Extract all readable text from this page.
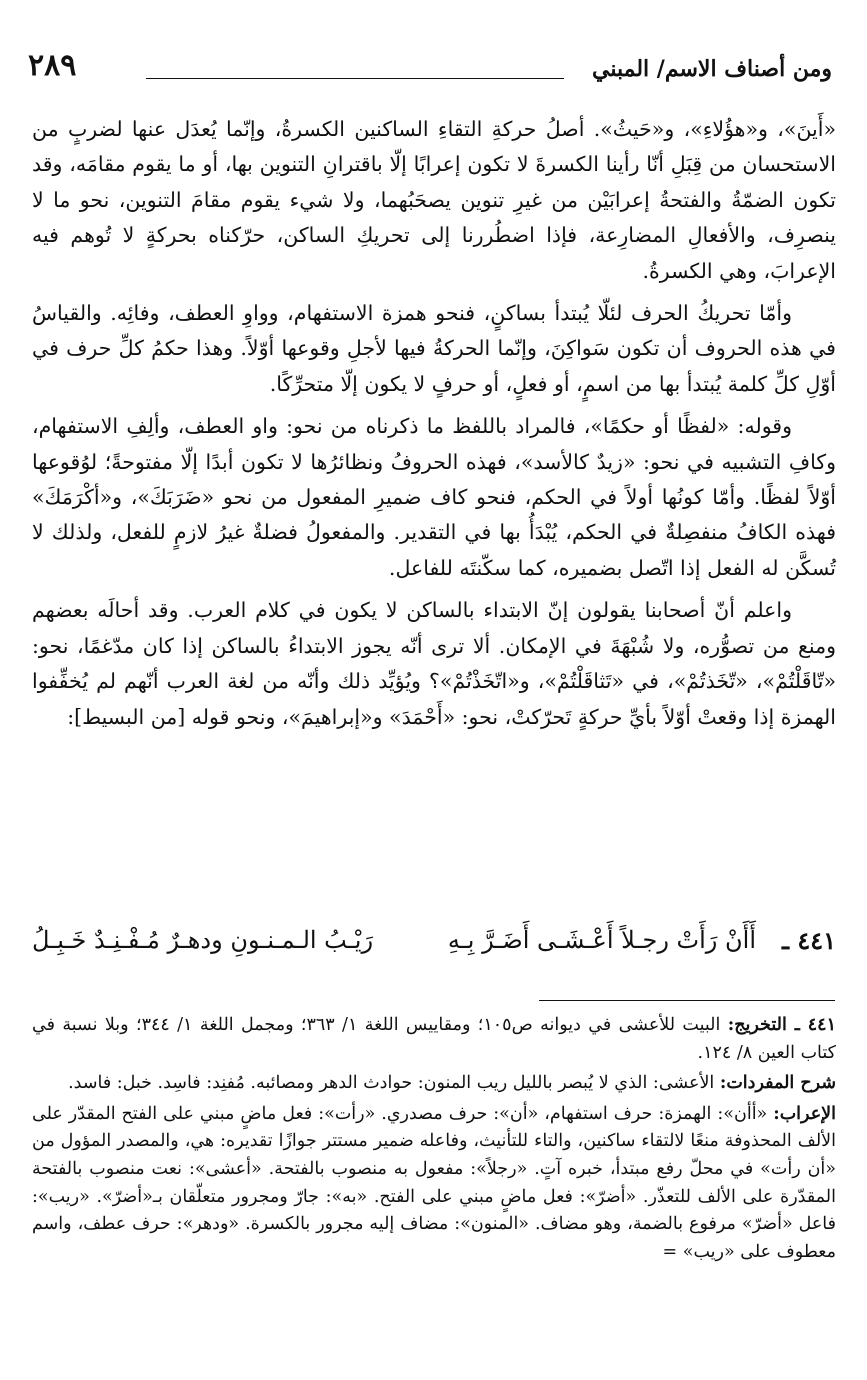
ومن أصناف الاسم/ المبني
٢٨٩

«أَينَ»، و«هؤُلاءِ»، و«حَيثُ». أصلُ حركةِ التقاءِ الساكنين الكسرةُ، وإنّما يُعدَل عنها لضربٍ من الاستحسان من قِبَلِ أنّا رأينا الكسرةَ لا تكون إعرابًا إلّا باقترانِ التنوين بها، أو ما يقوم مقامَه، وقد تكون الضمّةُ والفتحةُ إعرابَيْن من غيرِ تنوين يصحَبُهما، ولا شيء يقوم مقامَ التنوين، نحو ما لا ينصرِف، والأفعالِ المضارِعة، فإذا اضطُررنا إلى تحريكِ الساكن، حرّكناه بحركةٍ لا تُوهم فيه الإعرابَ، وهي الكسرةُ.

وأمّا تحريكُ الحرف لئلّا يُبتدأ بساكنٍ، فنحو همزة الاستفهام، وواوِ العطف، وفائِه. والقياسُ في هذه الحروف أن تكون سَواكِنَ، وإنّما الحركةُ فيها لأجلِ وقوعها أوّلاً. وهذا حكمُ كلِّ حرف في أوّلِ كلِّ كلمة يُبتدأ بها من اسمٍ، أو فعلٍ، أو حرفٍ لا يكون إلّا متحرِّكًا.

وقوله: «لفظًا أو حكمًا»، فالمراد باللفظ ما ذكرناه من نحو: واو العطف، وألِفِ الاستفهام، وكافِ التشبيه في نحو: «زيدٌ كالأسد»، فهذه الحروفُ ونظائرُها لا تكون أبدًا إلّا مفتوحةً؛ لوُقوعها أوّلاً لفظًا. وأمّا كونُها أولاً في الحكم، فنحو كاف ضميرِ المفعول من نحو «ضَرَبَكَ»، و«أكْرَمَكَ» فهذه الكافُ منفصِلةٌ في الحكم، يُبْدَأُ بها في التقدير. والمفعولُ فضلةٌ غيرُ لازمٍ للفعل، ولذلك لا تُسكَّن له الفعل إذا اتّصل بضميره، كما سكّنتَه للفاعل.

واعلم أنّ أصحابنا يقولون إنّ الابتداء بالساكن لا يكون في كلام العرب. وقد أحالَه بعضهم ومنع من تصوُّره، ولا شُبْهَةَ في الإمكان. ألا ترى أنّه يجوز الابتداءُ بالساكن إذا كان مدّغمًا، نحو: «تّاقَلْتُمْ»، «تّخَذتُمْ»، في «تَثاقَلْتُمْ»، و«اتّخَذْتُمْ»؟ ويُؤيِّد ذلك وأنّه من لغة العرب أنّهم لم يُخفِّفوا الهمزة إذا وقعتْ أوّلاً بأيِّ حركةٍ تَحرّكتْ، نحو: «أَحْمَدَ» و«إبراهيمَ»، ونحو قوله [من البسيط]:

٤٤١ ـ
أَأَنْ رَأَتْ رجـلاً أَعْـشَـى أَضَـرَّ بِـهِ
رَيْـبُ الـمـنـونِ ودهـرٌ مُـفْـنِـدٌ خَـبِـلُ

٤٤١ ـ التخريج: البيت للأعشى في ديوانه ص١٠٥؛ ومقاييس اللغة ١/ ٣٦٣؛ ومجمل اللغة ١/ ٣٤٤؛ وبلا نسبة في كتاب العين ٨/ ١٢٤.

شرح المفردات: الأعشى: الذي لا يُبصر بالليل ريب المنون: حوادث الدهر ومصائبه. مُفنِد: فاسِد. خبل: فاسد.

الإعراب: «أأن»: الهمزة: حرف استفهام، «أن»: حرف مصدري. «رأت»: فعل ماضٍ مبني على الفتح المقدّر على الألف المحذوفة منعًا لالتقاء ساكنين، والتاء للتأنيث، وفاعله ضمير مستتر جوازًا تقديره: هي، والمصدر المؤول من «أن رأت» في محلّ رفع مبتدأ، خبره آتٍ. «رجلاً»: مفعول به منصوب بالفتحة. «أعشى»: نعت منصوب بالفتحة المقدّرة على الألف للتعذّر. «أضرّ»: فعل ماضٍ مبني على الفتح. «به»: جارّ ومجرور متعلّقان بـ«أضرّ». «ريب»: فاعل «أضرّ» مرفوع بالضمة، وهو مضاف. «المنون»: مضاف إليه مجرور بالكسرة. «ودهر»: حرف عطف، واسم معطوف على «ريب» =
